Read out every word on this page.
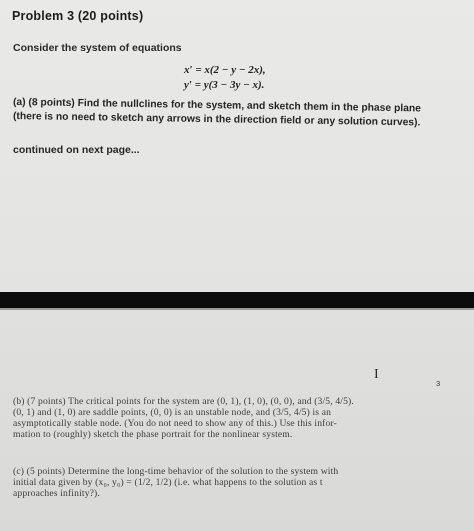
Problem 3 (20 points)
Consider the system of equations
x′ = x(2 − y − 2x),
y′ = y(3 − 3y − x).
(a) (8 points) Find the nullclines for the system, and sketch them in the phase plane
(there is no need to sketch any arrows in the direction field or any solution curves).
continued on next page...
I
3
(b) (7 points) The critical points for the system are (0, 1), (1, 0), (0, 0), and (3/5, 4/5).
(0, 1) and (1, 0) are saddle points, (0, 0) is an unstable node, and (3/5, 4/5) is an
asymptotically stable node. (You do not need to show any of this.) Use this infor-
mation to (roughly) sketch the phase portrait for the nonlinear system.
(c) (5 points) Determine the long-time behavior of the solution to the system with
initial data given by (x₀, y₀) = (1/2, 1/2) (i.e. what happens to the solution as t
approaches infinity?).
